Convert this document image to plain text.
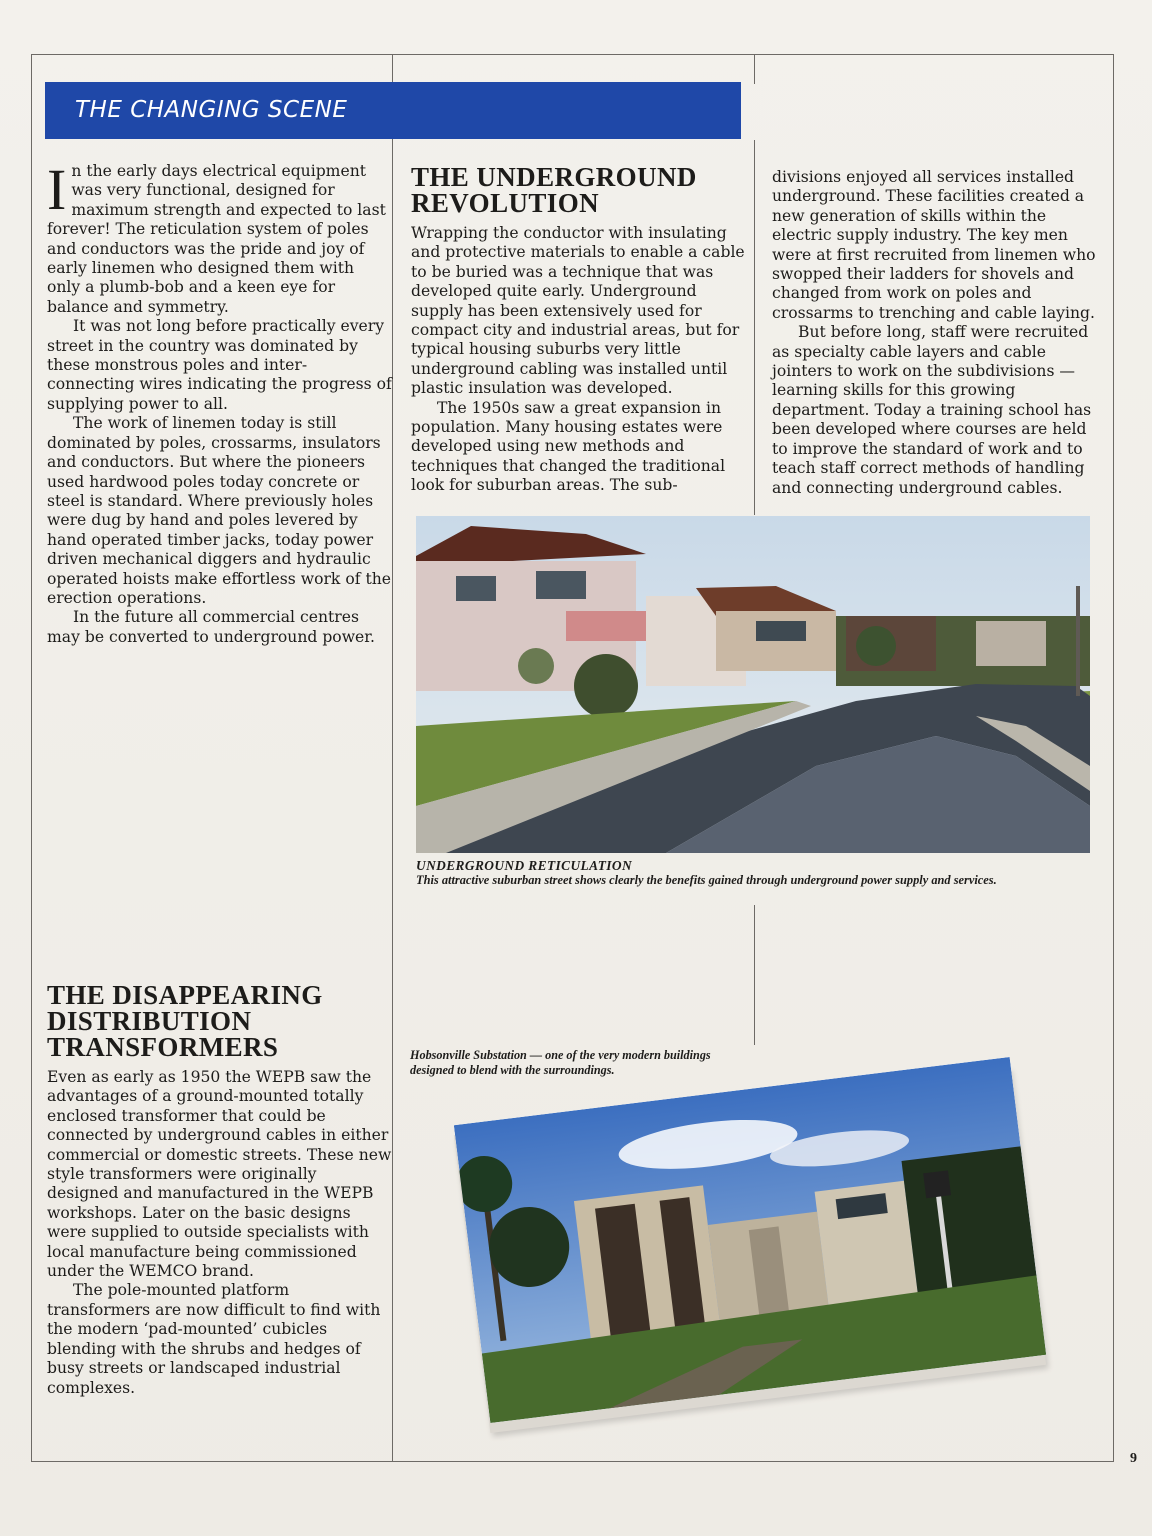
THE CHANGING SCENE

In the early days electrical equipment was very functional, designed for maximum strength and expected to last forever! The reticulation system of poles and conductors was the pride and joy of early linemen who designed them with only a plumb-bob and a keen eye for balance and symmetry.

It was not long before practically every street in the country was dominated by these monstrous poles and inter-connecting wires indicating the progress of supplying power to all.

The work of linemen today is still dominated by poles, crossarms, insulators and conductors. But where the pioneers used hardwood poles today concrete or steel is standard. Where previously holes were dug by hand and poles levered by hand operated timber jacks, today power driven mechanical diggers and hydraulic operated hoists make effortless work of the erection operations.

In the future all commercial centres may be converted to underground power.

THE UNDERGROUND
REVOLUTION

Wrapping the conductor with insulating and protective materials to enable a cable to be buried was a technique that was developed quite early. Underground supply has been extensively used for compact city and industrial areas, but for typical housing suburbs very little underground cabling was installed until plastic insulation was developed.

The 1950s saw a great expansion in population. Many housing estates were developed using new methods and techniques that changed the traditional look for suburban areas. The sub-

divisions enjoyed all services installed underground. These facilities created a new generation of skills within the electric supply industry. The key men were at first recruited from linemen who swopped their ladders for shovels and changed from work on poles and crossarms to trenching and cable laying.

But before long, staff were recruited as specialty cable layers and cable jointers to work on the subdivisions — learning skills for this growing department. Today a training school has been developed where courses are held to improve the standard of work and to teach staff correct methods of handling and connecting underground cables.

UNDERGROUND RETICULATION
This attractive suburban street shows clearly the benefits gained through underground power supply and services.
THE DISAPPEARING
DISTRIBUTION
TRANSFORMERS

Even as early as 1950 the WEPB saw the advantages of a ground-mounted totally enclosed transformer that could be connected by underground cables in either commercial or domestic streets. These new style transformers were originally designed and manufactured in the WEPB workshops. Later on the basic designs were supplied to outside specialists with local manufacture being commissioned under the WEMCO brand.

The pole-mounted platform transformers are now difficult to find with the modern ‘pad-mounted’ cubicles blending with the shrubs and hedges of busy streets or landscaped industrial complexes.

Hobsonville Substation — one of the very modern buildings designed to blend with the surroundings.
9
